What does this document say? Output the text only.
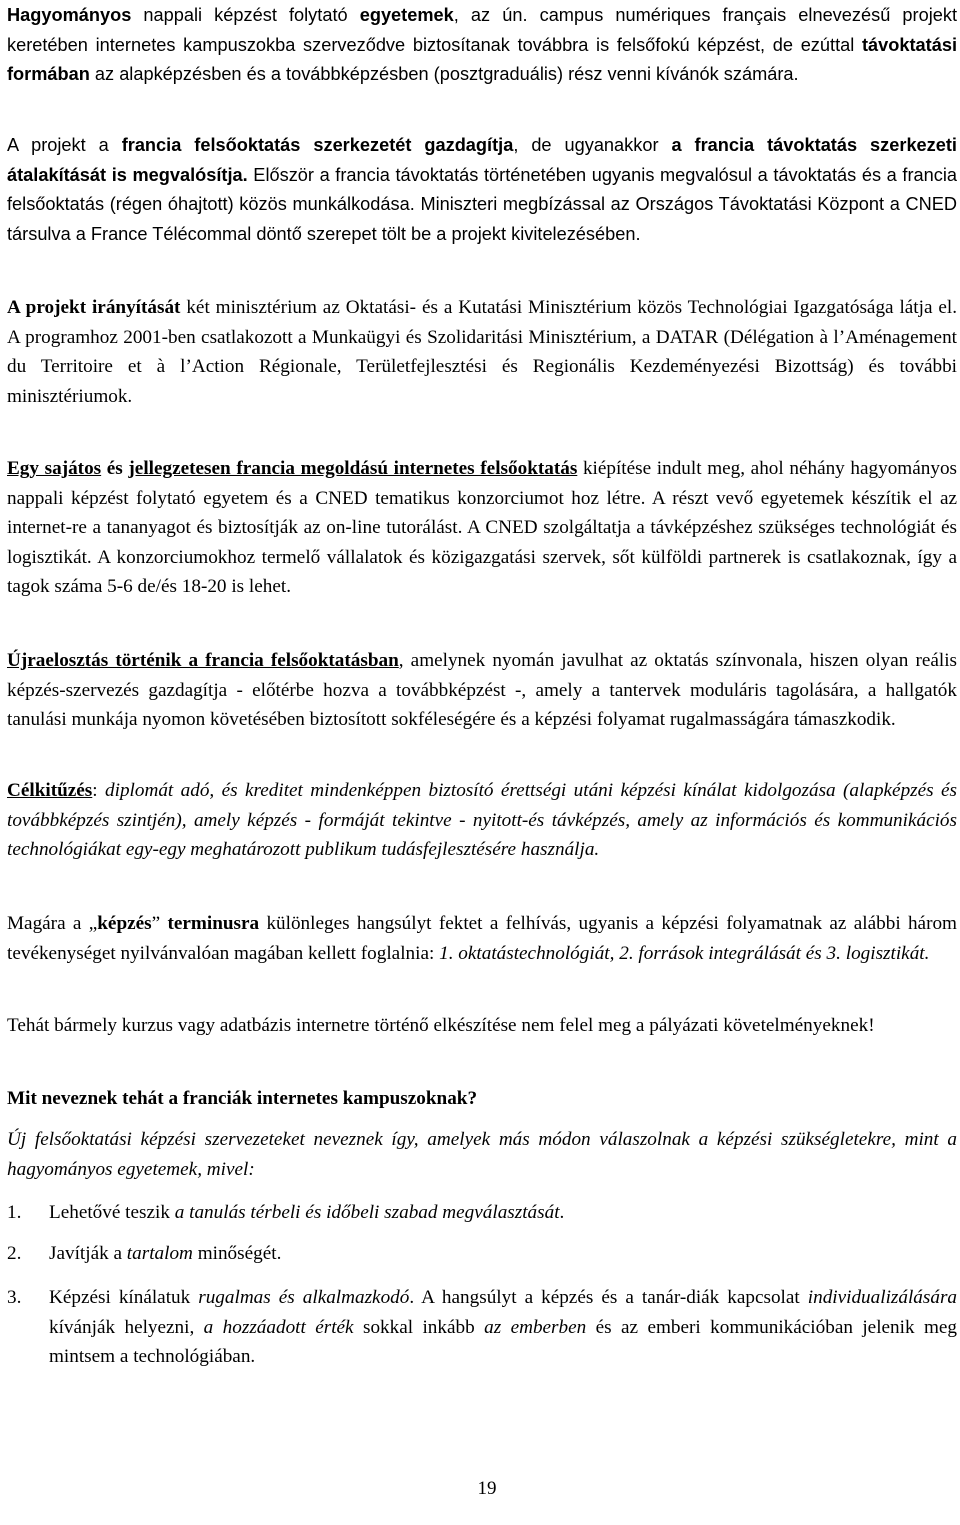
Hagyományos nappali képzést folytató egyetemek, az ún. campus numériques français elnevezésű projekt keretében internetes kampuszokba szerveződve biztosítanak továbbra is felsőfokú képzést, de ezúttal távoktatási formában az alapképzésben és a továbbképzésben (posztgraduális) rész venni kívánók számára.

A projekt a francia felsőoktatás szerkezetét gazdagítja, de ugyanakkor a francia távoktatás szerkezeti átalakítását is megvalósítja. Először a francia távoktatás történetében ugyanis megvalósul a távoktatás és a francia felsőoktatás (régen óhajtott) közös munkálkodása. Miniszteri megbízással az Országos Távoktatási Központ a CNED társulva a France Télécommal döntő szerepet tölt be a projekt kivitelezésében.

A projekt irányítását két minisztérium az Oktatási- és a Kutatási Minisztérium közös Technológiai Igazgatósága látja el. A programhoz 2001-ben csatlakozott a Munkaügyi és Szolidaritási Minisztérium, a DATAR (Délégation à l’Aménagement du Territoire et à l’Action Régionale, Területfejlesztési és Regionális Kezdeményezési Bizottság) és további minisztériumok.

Egy sajátos és jellegzetesen francia megoldású internetes felsőoktatás kiépítése indult meg, ahol néhány hagyományos nappali képzést folytató egyetem és a CNED tematikus konzorciumot hoz létre. A részt vevő egyetemek készítik el az internet-re a tananyagot és biztosítják az on-line tutorálást. A CNED szolgáltatja a távképzéshez szükséges technológiát és logisztikát. A konzorciumokhoz termelő vállalatok és közigazgatási szervek, sőt külföldi partnerek is csatlakoznak, így a tagok száma 5-6 de/és 18-20 is lehet.

Újraelosztás történik a francia felsőoktatásban, amelynek nyomán javulhat az oktatás színvonala, hiszen olyan reális képzés-szervezés gazdagítja - előtérbe hozva a továbbképzést -, amely a tantervek moduláris tagolására, a hallgatók tanulási munkája nyomon követésében biztosított sokféleségére és a képzési folyamat rugalmasságára támaszkodik.

Célkitűzés: diplomát adó, és kreditet mindenképpen biztosító érettségi utáni képzési kínálat kidolgozása (alapképzés és továbbképzés szintjén), amely képzés - formáját tekintve - nyitott-és távképzés, amely az információs és kommunikációs technológiákat egy-egy meghatározott publikum tudásfejlesztésére használja.

Magára a „képzés” terminusra különleges hangsúlyt fektet a felhívás, ugyanis a képzési folyamatnak az alábbi három tevékenységet nyilvánvalóan magában kellett foglalnia: 1. oktatástechnológiát, 2. források integrálását és 3. logisztikát.

Tehát bármely kurzus vagy adatbázis internetre történő elkészítése nem felel meg a pályázati követelményeknek!

Mit neveznek tehát a franciák internetes kampuszoknak?

Új felsőoktatási képzési szervezeteket neveznek így, amelyek más módon válaszolnak a képzési szükségletekre, mint a hagyományos egyetemek, mivel:

1. Lehetővé teszik a tanulás térbeli és időbeli szabad megválasztását.
2. Javítják a tartalom minőségét.
3. Képzési kínálatuk rugalmas és alkalmazkodó. A hangsúlyt a képzés és a tanár-diák kapcsolat individualizálására kívánják helyezni, a hozzáadott érték sokkal inkább az emberben és az emberi kommunikációban jelenik meg mintsem a technológiában.
19
